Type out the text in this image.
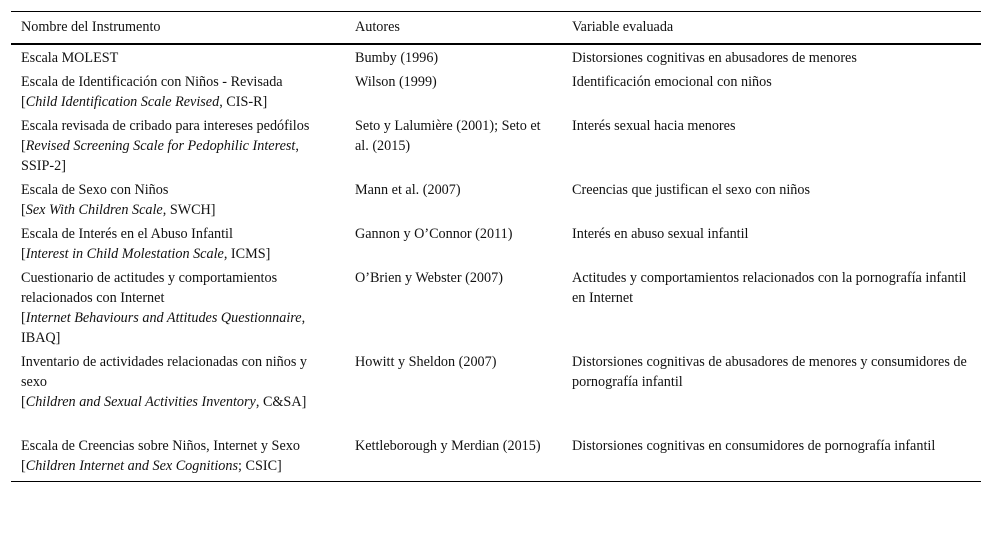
Nombre del Instrumento	Autores	Variable evaluada
Escala MOLEST	Bumby (1996)	Distorsiones cognitivas en abusadores de menores
Escala de Identificación con Niños - Revisada
[Child Identification Scale Revised, CIS-R]	Wilson (1999)	Identificación emocional con niños
Escala revisada de cribado para intereses pedófilos
[Revised Screening Scale for Pedophilic Interest, SSIP-2]	Seto y Lalumière (2001); Seto et al. (2015)	Interés sexual hacia menores
Escala de Sexo con Niños
[Sex With Children Scale, SWCH]	Mann et al. (2007)	Creencias que justifican el sexo con niños
Escala de Interés en el Abuso Infantil
[Interest in Child Molestation Scale, ICMS]	Gannon y O’Connor (2011)	Interés en abuso sexual infantil
Cuestionario de actitudes y comportamientos relacionados con Internet
[Internet Behaviours and Attitudes Questionnaire, IBAQ]	O’Brien y Webster (2007)	Actitudes y comportamientos relacionados con la pornografía infantil en Internet
Inventario de actividades relacionadas con niños y sexo
[Children and Sexual Activities Inventory, C&SA]	Howitt y Sheldon (2007)	Distorsiones cognitivas de abusadores de menores y consumidores de pornografía infantil
Escala de Creencias sobre Niños, Internet y Sexo
[Children Internet and Sex Cognitions; CSIC]	Kettleborough y Merdian (2015)	Distorsiones cognitivas en consumidores de pornografía infantil
